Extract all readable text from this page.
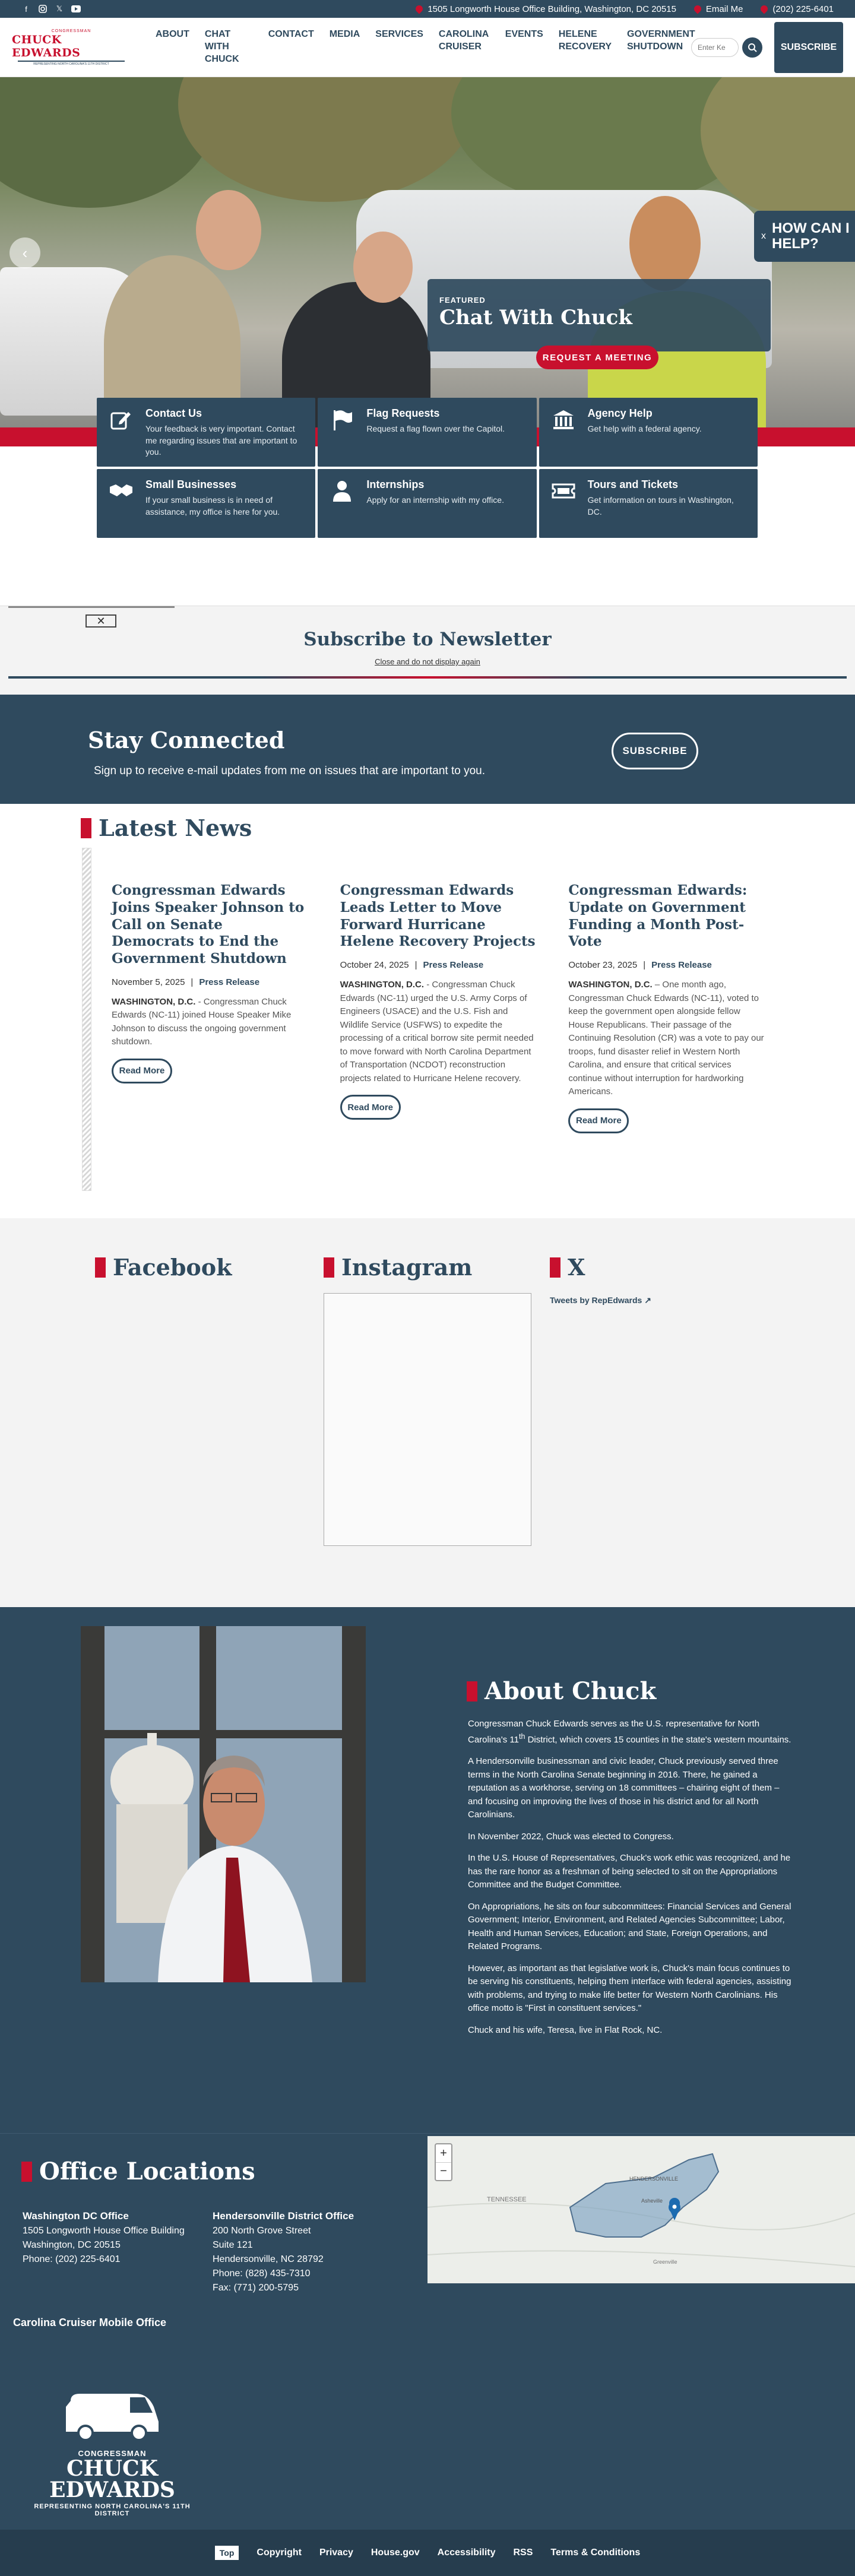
f	𝕏	1505 Longworth House Office Building, Washington, DC 20515	Email Me	(202) 225-6401
CONGRESSMAN
CHUCK EDWARDS
REPRESENTING NORTH CAROLINA'S 11TH DISTRICT
ABOUT CHAT WITH CHUCK
CONTACT MEDIA SERVICES CAROLINA CRUISER
EVENTS HELENE RECOVERY
GOVERNMENT SHUTDOWN
Enter Ke	SUBSCRIBE
‹
x HOW CAN I HELP?
FEATURED
Chat With Chuck
REQUEST A MEETING
Contact Us
Your feedback is very important. Contact me regarding issues that are important to you.
Flag Requests
Request a flag flown over the Capitol.
Agency Help
Get help with a federal agency.
Small Businesses
If your small business is in need of assistance, my office is here for you.
Internships
Apply for an internship with my office.
Tours and Tickets
Get information on tours in Washington, DC.
✕
Subscribe to Newsletter
Close and do not display again
Stay Connected

Sign up to receive e-mail updates from me on issues that are important to you.

SUBSCRIBE
Latest News
Congressman Edwards Joins Speaker Johnson to Call on Senate Democrats to End the Government Shutdown
November 5, 2025 | Press Release
WASHINGTON, D.C. - Congressman Chuck Edwards (NC-11) joined House Speaker Mike Johnson to discuss the ongoing government shutdown.
Read More
Congressman Edwards Leads Letter to Move Forward Hurricane Helene Recovery Projects
October 24, 2025 | Press Release
WASHINGTON, D.C. - Congressman Chuck Edwards (NC-11) urged the U.S. Army Corps of Engineers (USACE) and the U.S. Fish and Wildlife Service (USFWS) to expedite the processing of a critical borrow site permit needed to move forward with North Carolina Department of Transportation (NCDOT) reconstruction projects related to Hurricane Helene recovery.
Read More
Congressman Edwards: Update on Government Funding a Month Post-Vote
October 23, 2025 | Press Release
WASHINGTON, D.C. – One month ago, Congressman Chuck Edwards (NC-11), voted to keep the government open alongside fellow House Republicans. Their passage of the Continuing Resolution (CR) was a vote to pay our troops, fund disaster relief in Western North Carolina, and ensure that critical services continue without interruption for hardworking Americans.
Read More
Facebook	Instagram	X
Tweets by RepEdwards ↗
About Chuck

Congressman Chuck Edwards serves as the U.S. representative for North Carolina's 11th District, which covers 15 counties in the state's western mountains.

A Hendersonville businessman and civic leader, Chuck previously served three terms in the North Carolina Senate beginning in 2016. There, he gained a reputation as a workhorse, serving on 18 committees – chairing eight of them – and focusing on improving the lives of those in his district and for all North Carolinians.

In November 2022, Chuck was elected to Congress.

In the U.S. House of Representatives, Chuck's work ethic was recognized, and he has the rare honor as a freshman of being selected to sit on the Appropriations Committee and the Budget Committee.

On Appropriations, he sits on four subcommittees: Financial Services and General Government; Interior, Environment, and Related Agencies Subcommittee; Labor, Health and Human Services, Education; and State, Foreign Operations, and Related Programs.

However, as important as that legislative work is, Chuck's main focus continues to be serving his constituents, helping them interface with federal agencies, assisting with problems, and trying to make life better for Western North Carolinians. His office motto is "First in constituent services."

Chuck and his wife, Teresa, live in Flat Rock, NC.

Office Locations
Washington DC Office
1505 Longworth House Office Building
Washington, DC 20515
Phone: (202) 225-6401
Hendersonville District Office
200 North Grove Street
Suite 121
Hendersonville, NC 28792
Phone: (828) 435-7310
Fax: (771) 200-5795
TENNESSEE	Asheville
HENDERSONVILLE
Greenville
+
−
Carolina Cruiser Mobile Office
CONGRESSMAN
CHUCK EDWARDS
REPRESENTING NORTH CAROLINA'S 11TH DISTRICT
Top	Copyright Privacy House.gov Accessibility RSS Terms & Conditions
